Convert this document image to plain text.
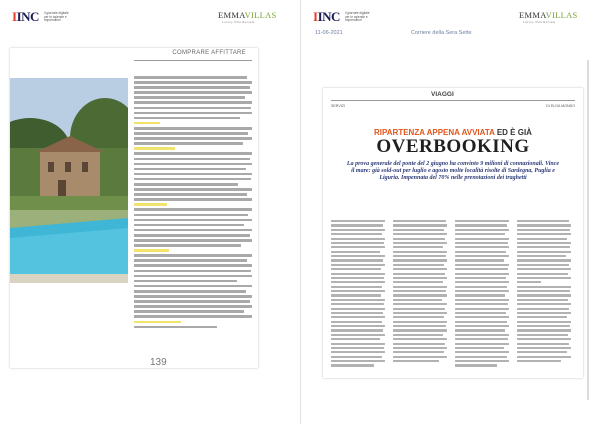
IINC il giornale digitale per le aziende e imprenditori
EMMAVILLAS
Luxury Villa Rentals
COMPRARE AFFITTARE
139
IINC il giornale digitale per le aziende e imprenditori
EMMAVILLAS
Luxury Villa Rentals
11-06-2021	Corriere della Sera Sette
VIAGGI
SERVIZI	DI ELGA MONDO
RIPARTENZA APPENA AVVIATA ED È GIÀ
OVERBOOKING
La prova generale del ponte del 2 giugno ha convinto 9 milioni di connazionali. Vince il mare: già sold-out per luglio e agosto molte località risolte di Sardegna, Puglia e Liguria. Impennata del 70% nelle prenotazioni dei traghetti
